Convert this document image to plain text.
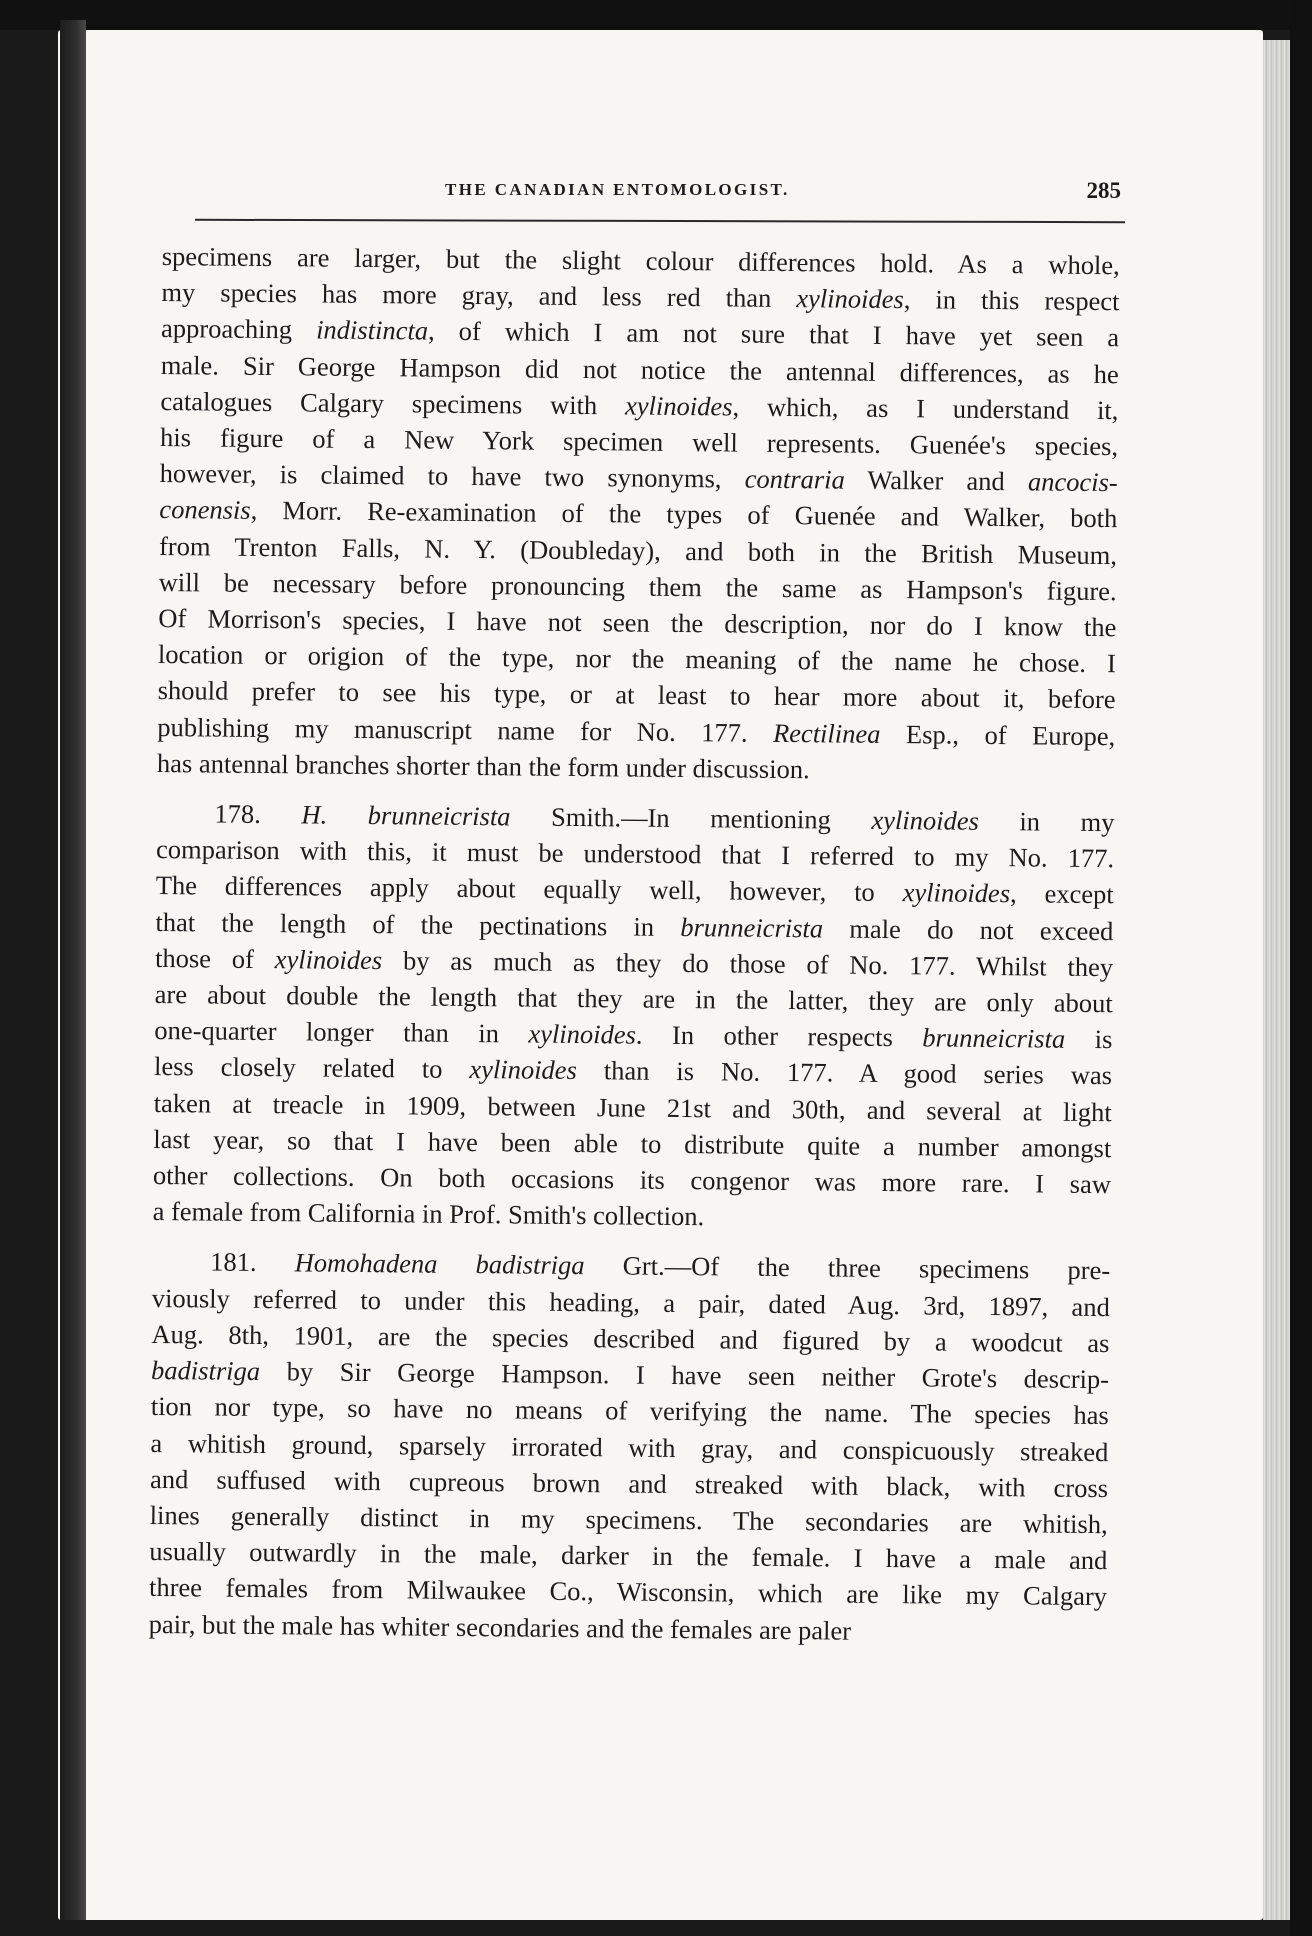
THE CANADIAN ENTOMOLOGIST.	285
specimens are larger, but the slight colour differences hold. As a whole,
my species has more gray, and less red than xylinoides, in this respect
approaching indistincta, of which I am not sure that I have yet seen a
male. Sir George Hampson did not notice the antennal differences, as he
catalogues Calgary specimens with xylinoides, which, as I understand it,
his figure of a New York specimen well represents. Guenée's species,
however, is claimed to have two synonyms, contraria Walker and ancocis-
conensis, Morr. Re-examination of the types of Guenée and Walker, both
from Trenton Falls, N. Y. (Doubleday), and both in the British Museum,
will be necessary before pronouncing them the same as Hampson's figure.
Of Morrison's species, I have not seen the description, nor do I know the
location or origion of the type, nor the meaning of the name he chose. I
should prefer to see his type, or at least to hear more about it, before
publishing my manuscript name for No. 177. Rectilinea Esp., of Europe,
has antennal branches shorter than the form under discussion.
178. H. brunneicrista Smith.—In mentioning xylinoides in my
comparison with this, it must be understood that I referred to my No. 177.
The differences apply about equally well, however, to xylinoides, except
that the length of the pectinations in brunneicrista male do not exceed
those of xylinoides by as much as they do those of No. 177. Whilst they
are about double the length that they are in the latter, they are only about
one-quarter longer than in xylinoides. In other respects brunneicrista is
less closely related to xylinoides than is No. 177. A good series was
taken at treacle in 1909, between June 21st and 30th, and several at light
last year, so that I have been able to distribute quite a number amongst
other collections. On both occasions its congenor was more rare. I saw
a female from California in Prof. Smith's collection.
181. Homohadena badistriga Grt.—Of the three specimens pre-
viously referred to under this heading, a pair, dated Aug. 3rd, 1897, and
Aug. 8th, 1901, are the species described and figured by a woodcut as
badistriga by Sir George Hampson. I have seen neither Grote's descrip-
tion nor type, so have no means of verifying the name. The species has
a whitish ground, sparsely irrorated with gray, and conspicuously streaked
and suffused with cupreous brown and streaked with black, with cross
lines generally distinct in my specimens. The secondaries are whitish,
usually outwardly in the male, darker in the female. I have a male and
three females from Milwaukee Co., Wisconsin, which are like my Calgary
pair, but the male has whiter secondaries and the females are paler
